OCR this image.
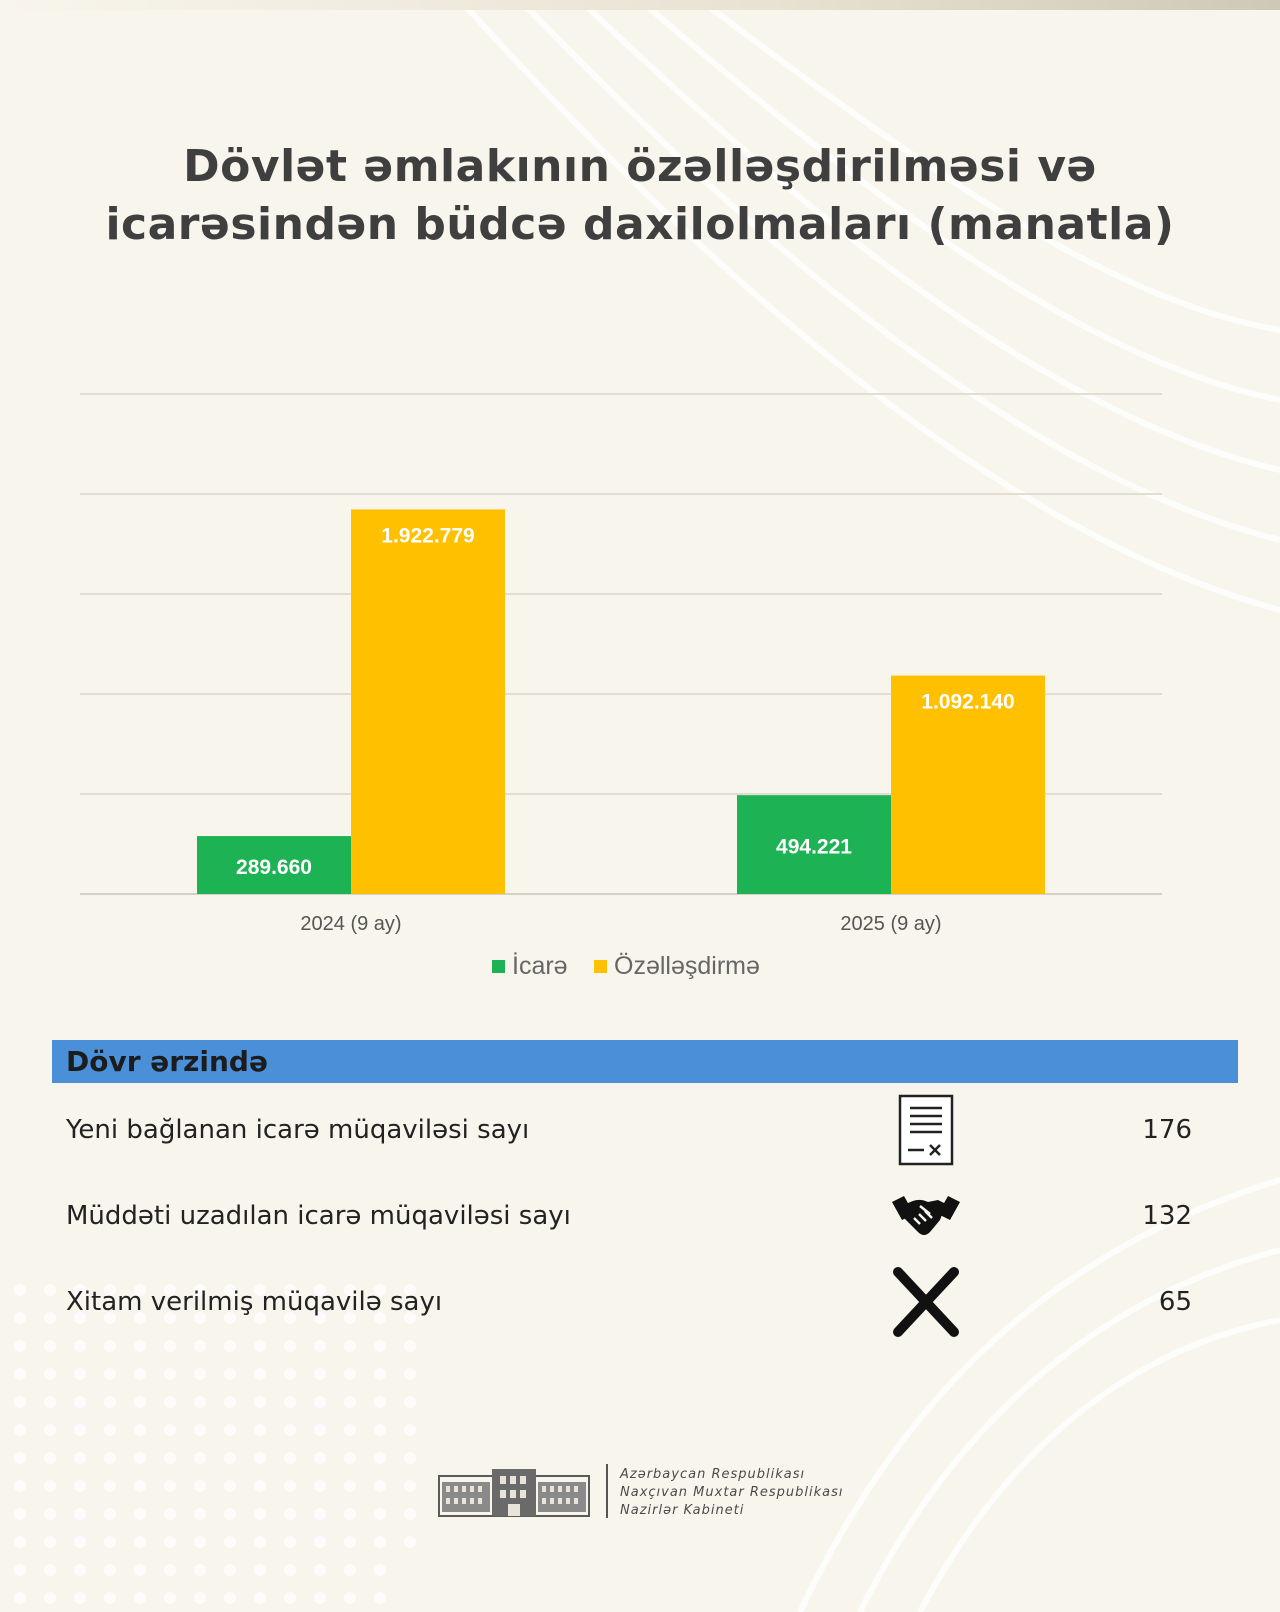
Dövlət əmlakının özəlləşdirilməsi və
icarəsindən büdcə daxilolmaları (manatla)
289.660
1.922.779
494.221
1.092.140
2024 (9 ay)	2025 (9 ay)
İcarə Özəlləşdirmə
Dövr ərzində
Yeni bağlanan icarə müqaviləsi sayı	176
Müddəti uzadılan icarə müqaviləsi sayı	132
Xitam verilmiş müqavilə sayı	65
Azərbaycan Respublikası
Naxçıvan Muxtar Respublikası
Nazirlər Kabineti
